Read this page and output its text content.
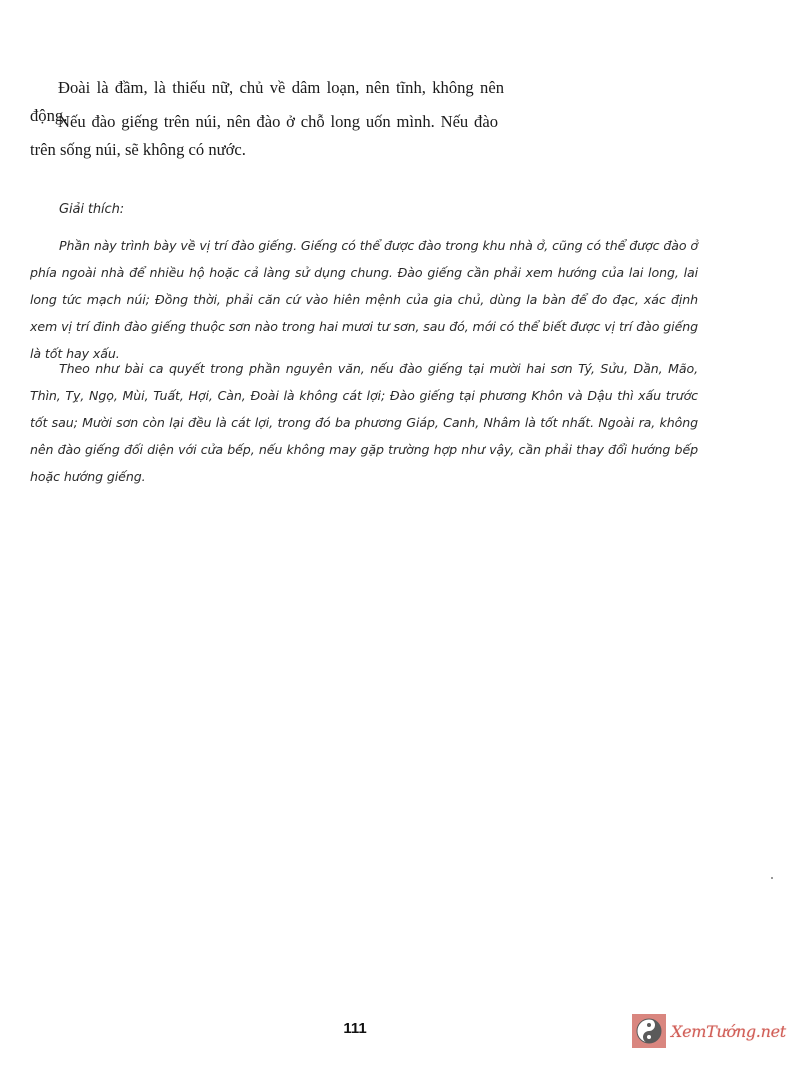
Đoài là đầm, là thiếu nữ, chủ về dâm loạn, nên tĩnh, không nên động.
Nếu đào giếng trên núi, nên đào ở chỗ long uốn mình. Nếu đào trên sống núi, sẽ không có nước.
Giải thích:
Phần này trình bày về vị trí đào giếng. Giếng có thể được đào trong khu nhà ở, cũng có thể được đào ở phía ngoài nhà để nhiều hộ hoặc cả làng sử dụng chung. Đào giếng cần phải xem hướng của lai long, lai long tức mạch núi; Đồng thời, phải căn cứ vào hiên mệnh của gia chủ, dùng la bàn để đo đạc, xác định xem vị trí đinh đào giếng thuộc sơn nào trong hai mươi tư sơn, sau đó, mới có thể biết được vị trí đào giếng là tốt hay xấu.
Theo như bài ca quyết trong phần nguyên văn, nếu đào giếng tại mười hai sơn Tý, Sửu, Dần, Mão, Thìn, Tỵ, Ngọ, Mùi, Tuất, Hợi, Càn, Đoài là không cát lợi; Đào giếng tại phương Khôn và Dậu thì xấu trước tốt sau; Mười sơn còn lại đều là cát lợi, trong đó ba phương Giáp, Canh, Nhâm là tốt nhất. Ngoài ra, không nên đào giếng đối diện với cửa bếp, nếu không may gặp trường hợp như vậy, cần phải thay đổi hướng bếp hoặc hướng giếng.
111	XemTướng.net
